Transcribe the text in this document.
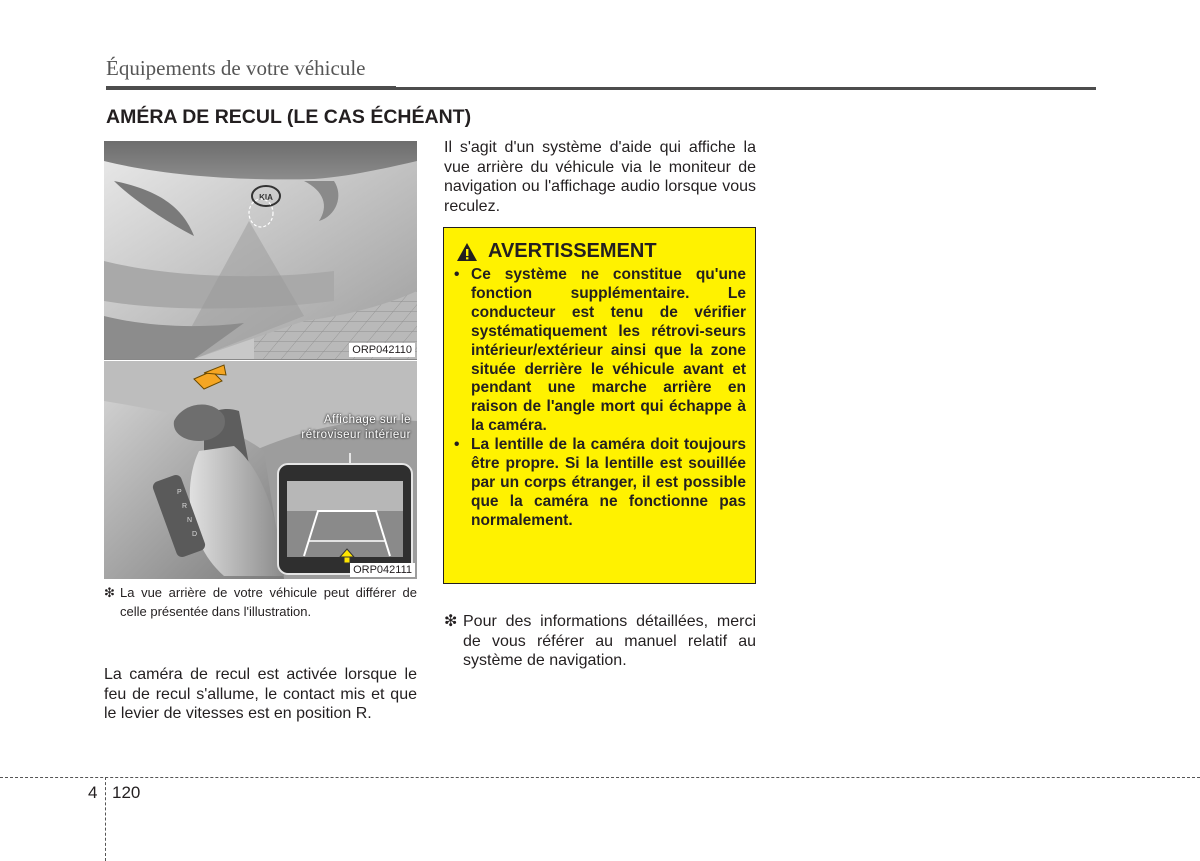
Équipements de votre véhicule
AMÉRA DE RECUL (LE CAS ÉCHÉANT)
KIA
ORP042110
P
R
N
D
Affichage sur le
rétroviseur intérieur
ORP042111
❇ La vue arrière de votre véhicule peut différer de celle présentée dans l'illustration.
La caméra de recul est activée lorsque le feu de recul s'allume, le contact mis et que le levier de vitesses est en position R.
Il s'agit d'un système d'aide qui affiche la vue arrière du véhicule via le moniteur de navigation ou l'affichage audio lorsque vous reculez.
AVERTISSEMENT
• Ce système ne constitue qu'une fonction supplémentaire. Le conducteur est tenu de vérifier systématiquement les rétrovi-seurs intérieur/extérieur ainsi que la zone située derrière le véhicule avant et pendant une marche arrière en raison de l'angle mort qui échappe à la caméra.
• La lentille de la caméra doit toujours être propre. Si la lentille est souillée par un corps étranger, il est possible que la caméra ne fonctionne pas normalement.
❇ Pour des informations détaillées, merci de vous référer au manuel relatif au système de navigation.
4 120
